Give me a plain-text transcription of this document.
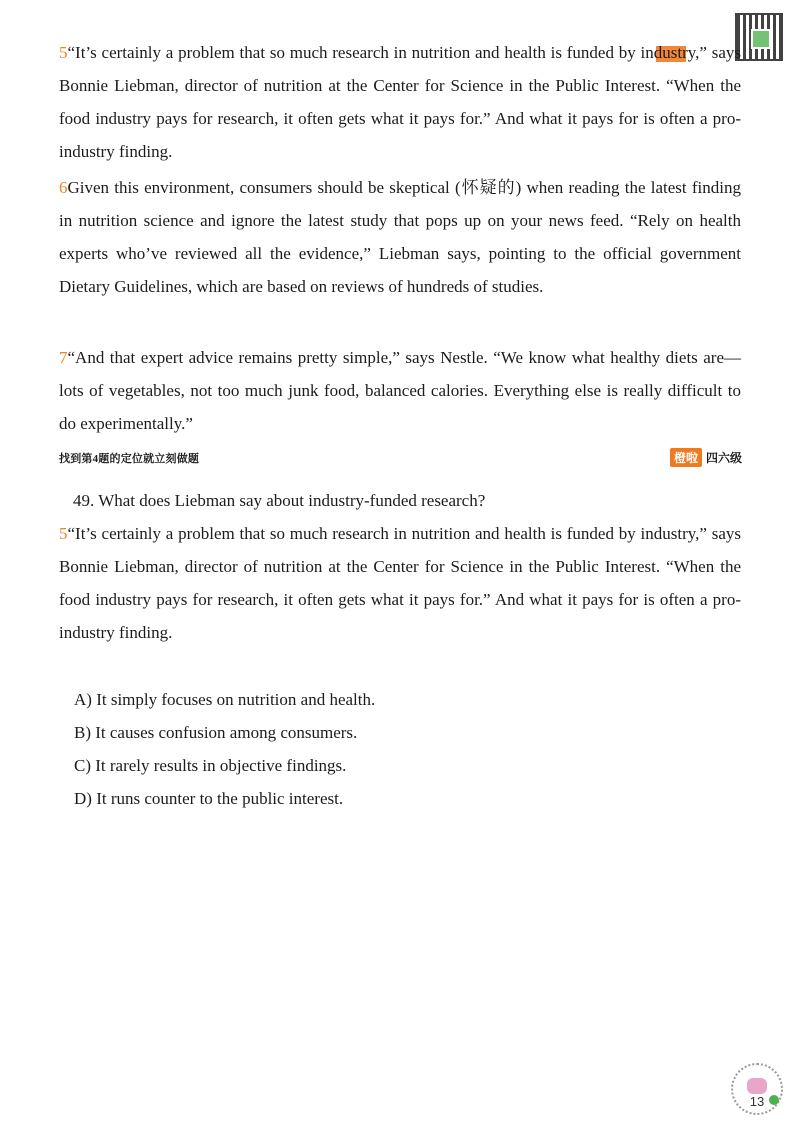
5“It’s certainly a problem that so much research in nutrition and health is funded by industry,” says Bonnie Liebman, director of nutrition at the Center for Science in the Public Interest. “When the food industry pays for research, it often gets what it pays for.” And what it pays for is often a pro-industry finding.

6Given this environment, consumers should be skeptical (怀疑的) when reading the latest finding in nutrition science and ignore the latest study that pops up on your news feed. “Rely on health experts who’ve reviewed all the evidence,” Liebman says, pointing to the official government Dietary Guidelines, which are based on reviews of hundreds of studies.

7“And that expert advice remains pretty simple,” says Nestle. “We know what healthy diets are—lots of vegetables, not too much junk food, balanced calories. Everything else is really difficult to do experimentally.”

找到第4题的定位就立刻做题	橙啦 四六级
49. What does Liebman say about industry-funded research?

5“It’s certainly a problem that so much research in nutrition and health is funded by industry,” says Bonnie Liebman, director of nutrition at the Center for Science in the Public Interest. “When the food industry pays for research, it often gets what it pays for.” And what it pays for is often a pro-industry finding.

A) It simply focuses on nutrition and health.
B) It causes confusion among consumers.
C) It rarely results in objective findings.
D) It runs counter to the public interest.
13
